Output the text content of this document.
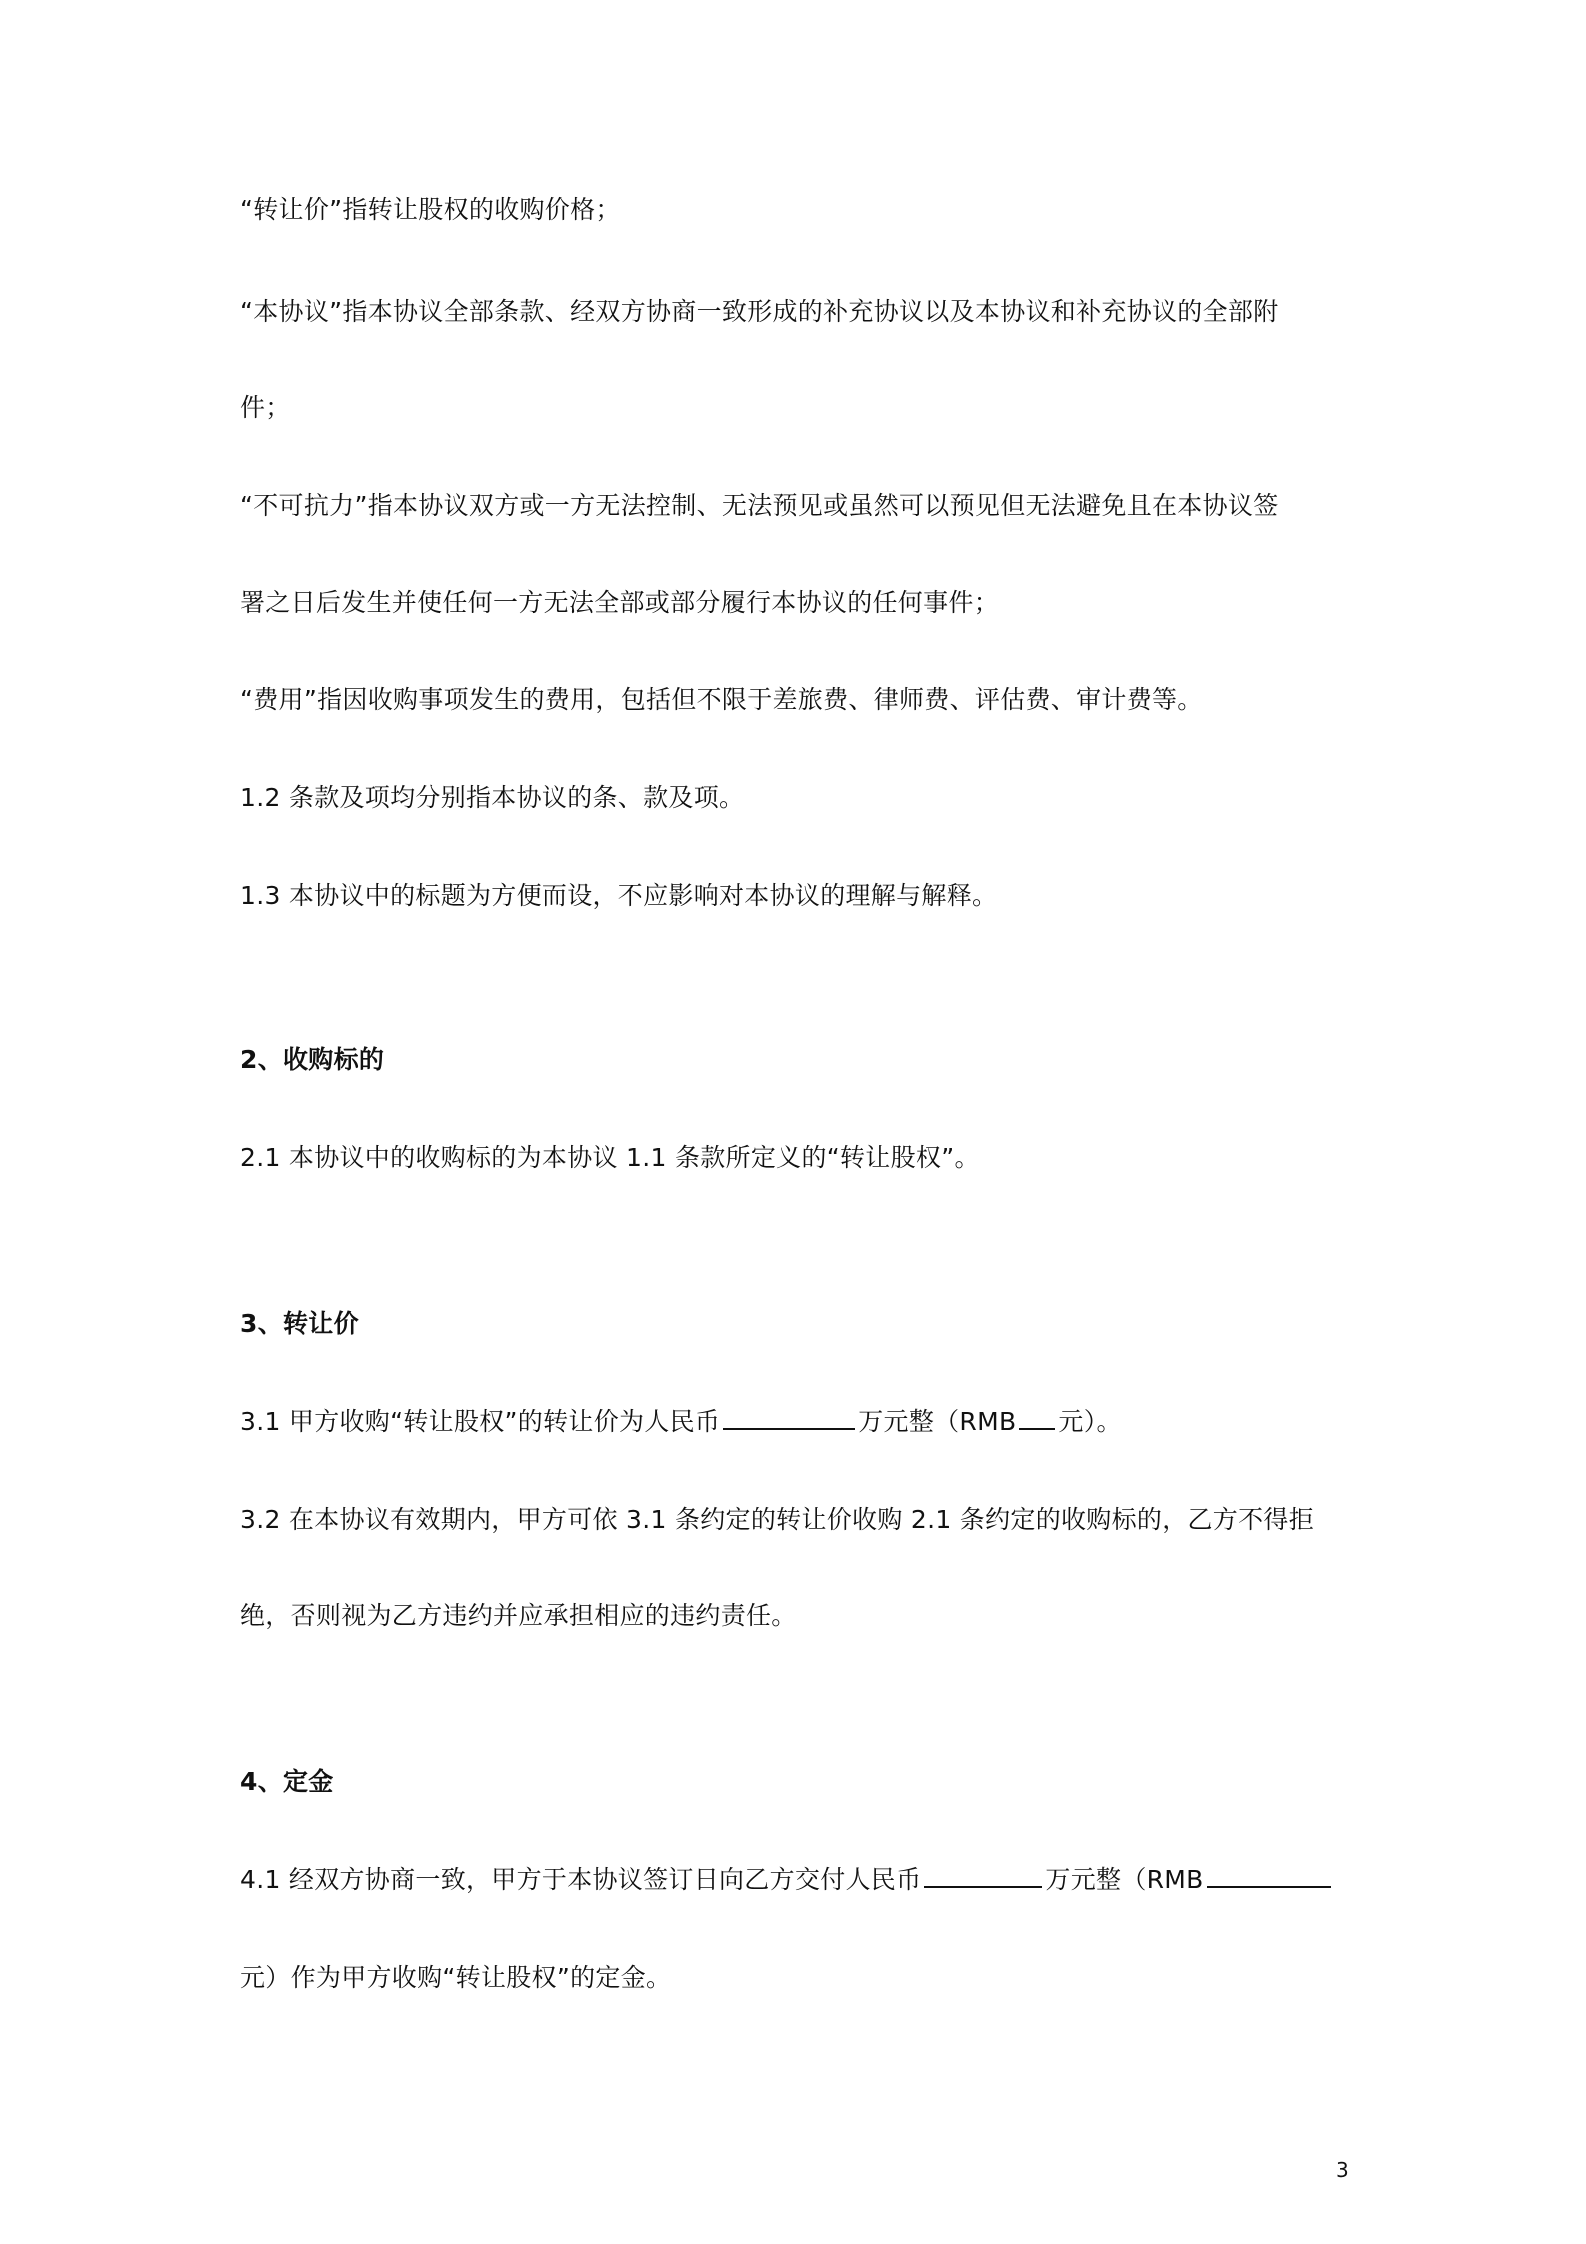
“转让价”指转让股权的收购价格；
“本协议”指本协议全部条款、经双方协商一致形成的补充协议以及本协议和补充协议的全部附
件；
“不可抗力”指本协议双方或一方无法控制、无法预见或虽然可以预见但无法避免且在本协议签
署之日后发生并使任何一方无法全部或部分履行本协议的任何事件；
“费用”指因收购事项发生的费用，包括但不限于差旅费、律师费、评估费、审计费等。
1.2 条款及项均分别指本协议的条、款及项。
1.3 本协议中的标题为方便而设，不应影响对本协议的理解与解释。
2、收购标的
2.1 本协议中的收购标的为本协议 1.1 条款所定义的“转让股权”。
3、转让价
3.1 甲方收购“转让股权”的转让价为人民币	万元整（RMB 元）。
3.2 在本协议有效期内，甲方可依 3.1 条约定的转让价收购 2.1 条约定的收购标的，乙方不得拒
绝，否则视为乙方违约并应承担相应的违约责任。
4、定金
4.1 经双方协商一致，甲方于本协议签订日向乙方交付人民币	万元整（RMB
元）作为甲方收购“转让股权”的定金。
3
